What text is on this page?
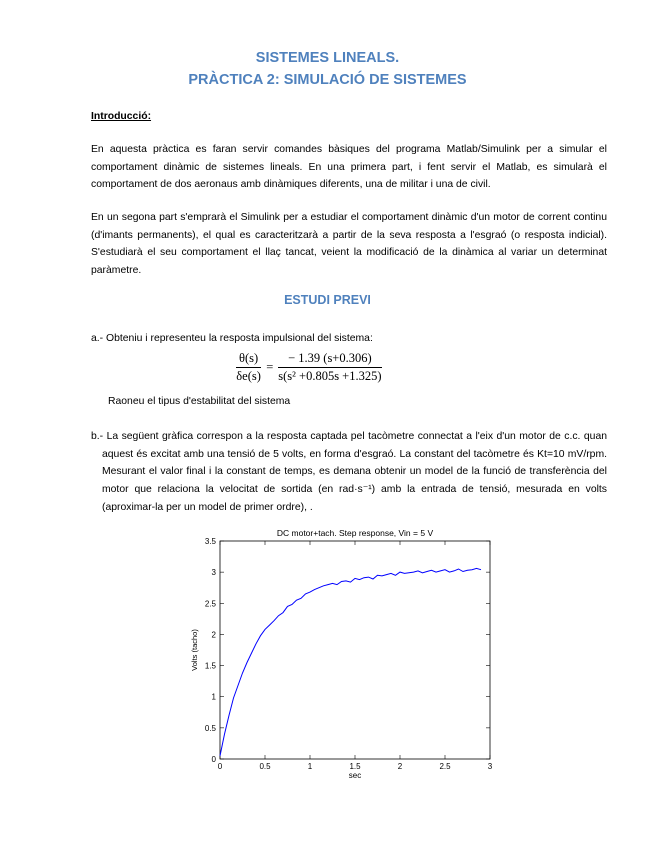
SISTEMES LINEALS.
PRÀCTICA 2: SIMULACIÓ DE SISTEMES
Introducció:
En aquesta pràctica es faran servir comandes bàsiques del programa Matlab/Simulink per a simular el comportament dinàmic de sistemes lineals. En una primera part, i fent servir el Matlab, es simularà el comportament de dos aeronaus amb dinàmiques diferents, una de militar i una de civil.
En un segona part s'emprarà el Simulink per a estudiar el comportament dinàmic d'un motor de corrent continu (d'imants permanents), el qual es caracteritzarà a partir de la seva resposta a l'esgraó (o resposta indicial). S'estudiarà el seu comportament el llaç tancat, veient la modificació de la dinàmica al variar un determinat paràmetre.
ESTUDI PREVI
a.- Obteniu i representeu la resposta impulsional del sistema:
$\frac{\theta(s)}{\delta e(s)} = \frac{- 1.39 (s+0.306)}{\text{s(s² +0.805s +1.325)}}$
Raoneu el tipus d'estabilitat del sistema
b.- La següent gràfica correspon a la resposta captada pel tacòmetre connectat a l'eix d'un motor de c.c. quan aquest és excitat amb una tensió de 5 volts, en forma d'esgraó. La constant del tacòmetre és Kt=10 mV/rpm. Mesurant el valor final i la constant de temps, es demana obtenir un model de la funció de transferència del motor que relaciona la velocitat de sortida (en rad·s⁻¹) amb la entrada de tensió, mesurada en volts (aproximar-la per un model de primer ordre), .
DC motor+tach. Step response, Vin = 5 V
sec
Volts (tacho)
0	0.5	1	1.5	2	2.5	3
0
0.5
1
1.5
2
2.5
3
3.5
